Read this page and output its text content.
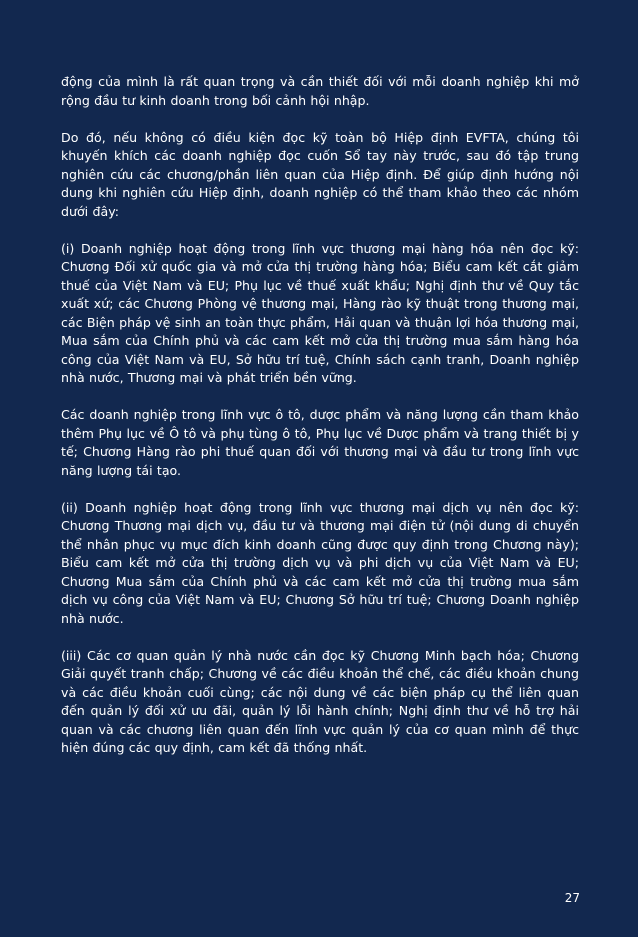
động của mình là rất quan trọng và cần thiết đối với mỗi doanh nghiệp khi mở rộng đầu tư kinh doanh trong bối cảnh hội nhập.

Do đó, nếu không có điều kiện đọc kỹ toàn bộ Hiệp định EVFTA, chúng tôi khuyến khích các doanh nghiệp đọc cuốn Sổ tay này trước, sau đó tập trung nghiên cứu các chương/phần liên quan của Hiệp định. Để giúp định hướng nội dung khi nghiên cứu Hiệp định, doanh nghiệp có thể tham khảo theo các nhóm dưới đây:

(i) Doanh nghiệp hoạt động trong lĩnh vực thương mại hàng hóa nên đọc kỹ: Chương Đối xử quốc gia và mở cửa thị trường hàng hóa; Biểu cam kết cắt giảm thuế của Việt Nam và EU; Phụ lục về thuế xuất khẩu; Nghị định thư về Quy tắc xuất xứ; các Chương Phòng vệ thương mại, Hàng rào kỹ thuật trong thương mại, các Biện pháp vệ sinh an toàn thực phẩm, Hải quan và thuận lợi hóa thương mại, Mua sắm của Chính phủ và các cam kết mở cửa thị trường mua sắm hàng hóa công của Việt Nam và EU, Sở hữu trí tuệ, Chính sách cạnh tranh, Doanh nghiệp nhà nước, Thương mại và phát triển bền vững.

Các doanh nghiệp trong lĩnh vực ô tô, dược phẩm và năng lượng cần tham khảo thêm Phụ lục về Ô tô và phụ tùng ô tô, Phụ lục về Dược phẩm và trang thiết bị y tế; Chương Hàng rào phi thuế quan đối với thương mại và đầu tư trong lĩnh vực năng lượng tái tạo.

(ii) Doanh nghiệp hoạt động trong lĩnh vực thương mại dịch vụ nên đọc kỹ: Chương Thương mại dịch vụ, đầu tư và thương mại điện tử (nội dung di chuyển thể nhân phục vụ mục đích kinh doanh cũng được quy định trong Chương này); Biểu cam kết mở cửa thị trường dịch vụ và phi dịch vụ của Việt Nam và EU; Chương Mua sắm của Chính phủ và các cam kết mở cửa thị trường mua sắm dịch vụ công của Việt Nam và EU; Chương Sở hữu trí tuệ; Chương Doanh nghiệp nhà nước.

(iii) Các cơ quan quản lý nhà nước cần đọc kỹ Chương Minh bạch hóa; Chương Giải quyết tranh chấp; Chương về các điều khoản thể chế, các điều khoản chung và các điều khoản cuối cùng; các nội dung về các biện pháp cụ thể liên quan đến quản lý đối xử ưu đãi, quản lý lỗi hành chính; Nghị định thư về hỗ trợ hải quan và các chương liên quan đến lĩnh vực quản lý của cơ quan mình để thực hiện đúng các quy định, cam kết đã thống nhất.

27
